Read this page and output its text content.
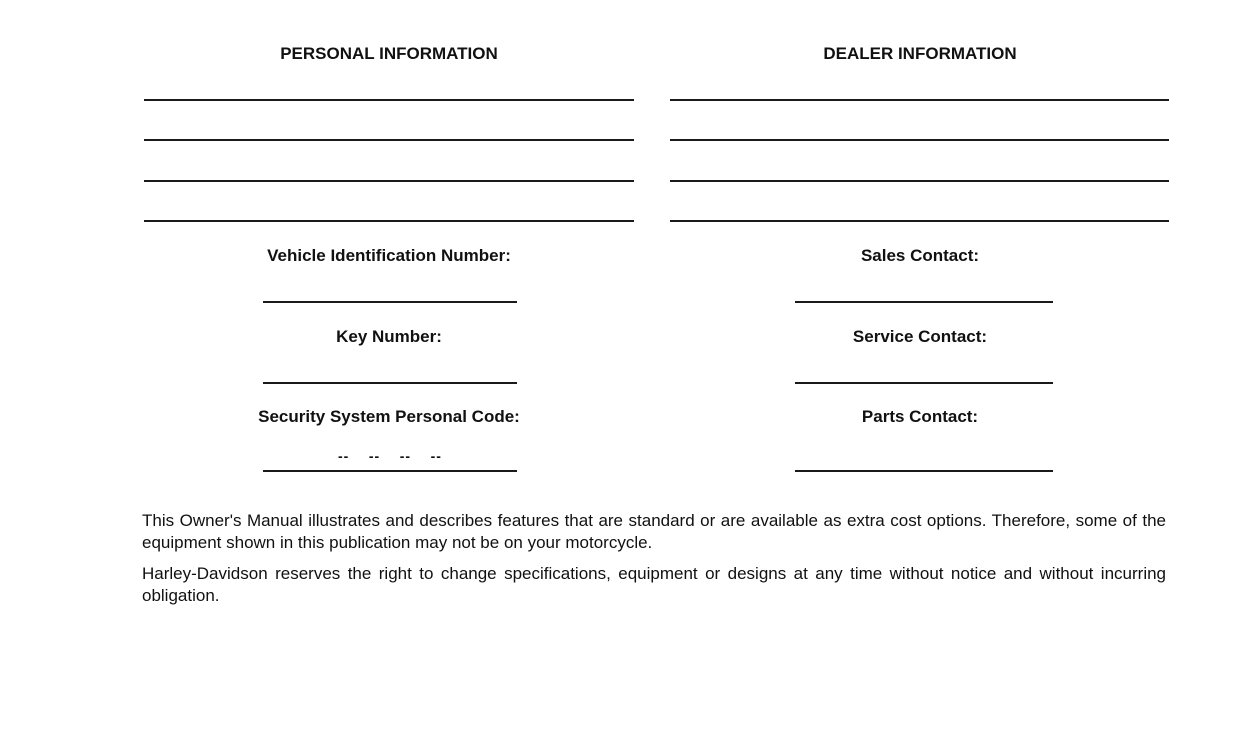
PERSONAL INFORMATION	DEALER INFORMATION
Vehicle Identification Number:
Key Number:
Security System Personal Code:
--    --    --    --
Sales Contact:
Service Contact:
Parts Contact:
This Owner's Manual illustrates and describes features that are standard or are available as extra cost options. Therefore, some of the equipment shown in this publication may not be on your motorcycle.
Harley-Davidson reserves the right to change specifications, equipment or designs at any time without notice and without incurring obligation.
